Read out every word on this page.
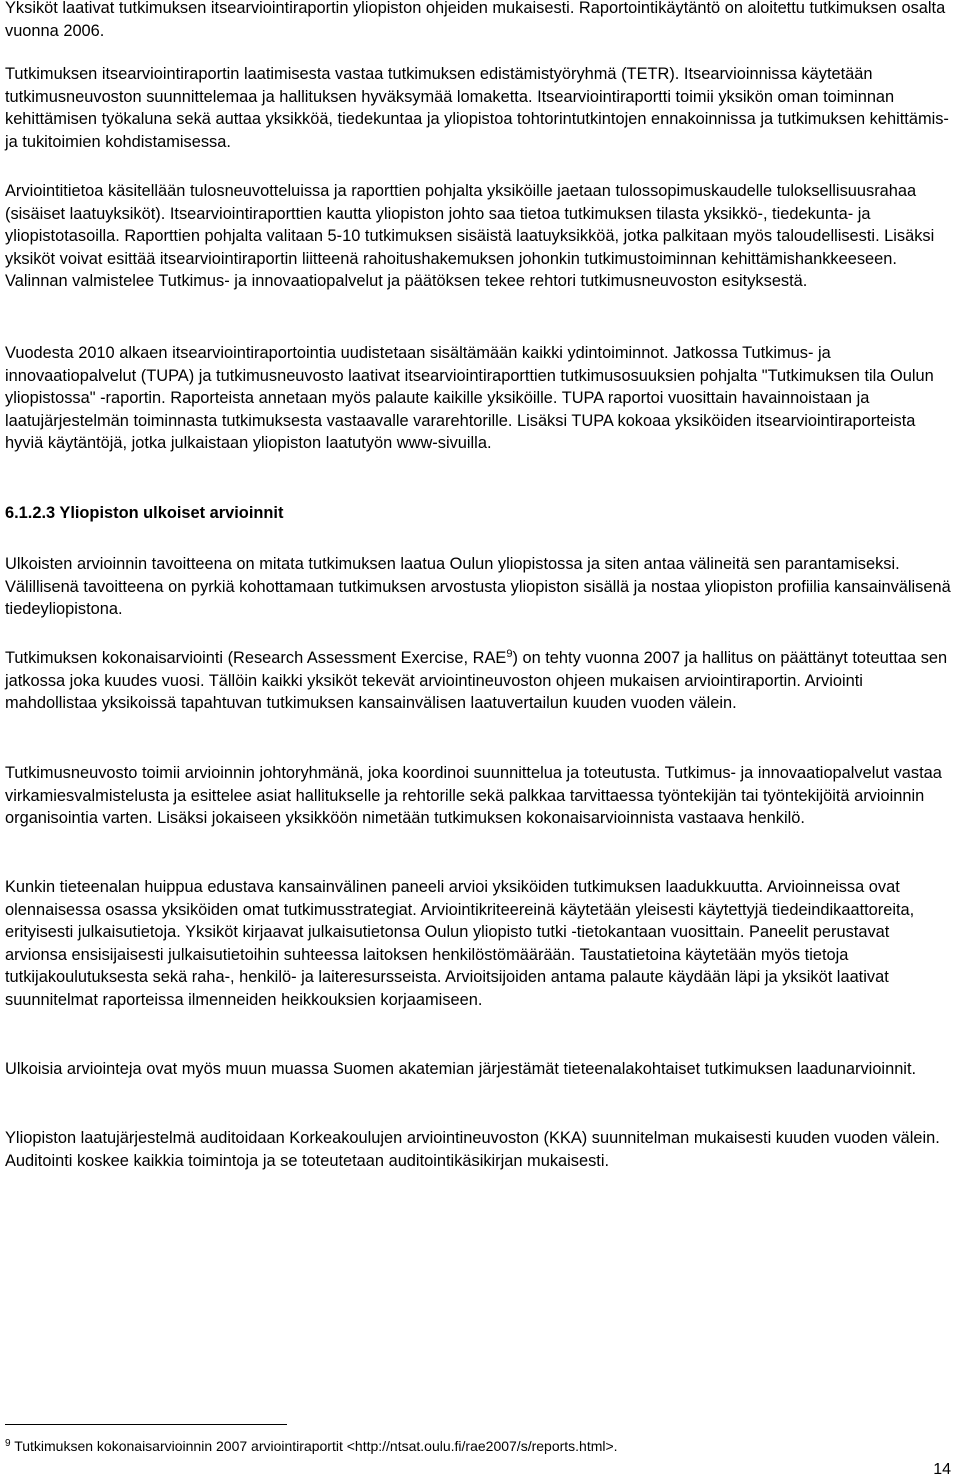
Yksiköt laativat tutkimuksen itsearviointiraportin yliopiston ohjeiden mukaisesti. Raportointikäytäntö on aloitettu tutkimuksen osalta vuonna 2006.

Tutkimuksen itsearviointiraportin laatimisesta vastaa tutkimuksen edistämistyöryhmä (TETR). Itsearvioinnissa käytetään tutkimusneuvoston suunnittelemaa ja hallituksen hyväksymää lomaketta. Itsearviointiraportti toimii yksikön oman toiminnan kehittämisen työkaluna sekä auttaa yksikköä, tiedekuntaa ja yliopistoa tohtorintutkintojen ennakoinnissa ja tutkimuksen kehittämis- ja tukitoimien kohdistamisessa.

Arviointitietoa käsitellään tulosneuvotteluissa ja raporttien pohjalta yksiköille jaetaan tulossopimuskaudelle tuloksellisuusrahaa (sisäiset laatuyksiköt). Itsearviointiraporttien kautta yliopiston johto saa tietoa tutkimuksen tilasta yksikkö-, tiedekunta- ja yliopistotasoilla. Raporttien pohjalta valitaan 5-10 tutkimuksen sisäistä laatuyksikköä, jotka palkitaan myös taloudellisesti. Lisäksi yksiköt voivat esittää itsearviointiraportin liitteenä rahoitushakemuksen johonkin tutkimustoiminnan kehittämishankkeeseen. Valinnan valmistelee Tutkimus- ja innovaatiopalvelut ja päätöksen tekee rehtori tutkimusneuvoston esityksestä.

Vuodesta 2010 alkaen itsearviointiraportointia uudistetaan sisältämään kaikki ydintoiminnot. Jatkossa Tutkimus- ja innovaatiopalvelut (TUPA) ja tutkimusneuvosto laativat itsearviointiraporttien tutkimusosuuksien pohjalta "Tutkimuksen tila Oulun yliopistossa" -raportin. Raporteista annetaan myös palaute kaikille yksiköille. TUPA raportoi vuosittain havainnoistaan ja laatujärjestelmän toiminnasta tutkimuksesta vastaavalle vararehtorille. Lisäksi TUPA kokoaa yksiköiden itsearviointiraporteista hyviä käytäntöjä, jotka julkaistaan yliopiston laatutyön www-sivuilla.

6.1.2.3 Yliopiston ulkoiset arvioinnit

Ulkoisten arvioinnin tavoitteena on mitata tutkimuksen laatua Oulun yliopistossa ja siten antaa välineitä sen parantamiseksi. Välillisenä tavoitteena on pyrkiä kohottamaan tutkimuksen arvostusta yliopiston sisällä ja nostaa yliopiston profiilia kansainvälisenä tiedeyliopistona.

Tutkimuksen kokonaisarviointi (Research Assessment Exercise, RAE$^9$) on tehty vuonna 2007 ja hallitus on päättänyt toteuttaa sen jatkossa joka kuudes vuosi. Tällöin kaikki yksiköt tekevät arviointineuvoston ohjeen mukaisen arviointiraportin. Arviointi mahdollistaa yksikoissä tapahtuvan tutkimuksen kansainvälisen laatuvertailun kuuden vuoden välein.

Tutkimusneuvosto toimii arvioinnin johtoryhmänä, joka koordinoi suunnittelua ja toteutusta. Tutkimus- ja innovaatiopalvelut vastaa virkamiesvalmistelusta ja esittelee asiat hallitukselle ja rehtorille sekä palkkaa tarvittaessa työntekijän tai työntekijöitä arvioinnin organisointia varten. Lisäksi jokaiseen yksikköön nimetään tutkimuksen kokonaisarvioinnista vastaava henkilö.

Kunkin tieteenalan huippua edustava kansainvälinen paneeli arvioi yksiköiden tutkimuksen laadukkuutta. Arvioinneissa ovat olennaisessa osassa yksiköiden omat tutkimusstrategiat. Arviointikriteereinä käytetään yleisesti käytettyjä tiedeindikaattoreita, erityisesti julkaisutietoja. Yksiköt kirjaavat julkaisutietonsa Oulun yliopisto tutki -tietokantaan vuosittain. Paneelit perustavat arvionsa ensisijaisesti julkaisutietoihin suhteessa laitoksen henkilöstömäärään. Taustatietoina käytetään myös tietoja tutkijakoulutuksesta sekä raha-, henkilö- ja laiteresursseista. Arvioitsijoiden antama palaute käydään läpi ja yksiköt laativat suunnitelmat raporteissa ilmenneiden heikkouksien korjaamiseen.

Ulkoisia arviointeja ovat myös muun muassa Suomen akatemian järjestämät tieteenalakohtaiset tutkimuksen laadunarvioinnit.

Yliopiston laatujärjestelmä auditoidaan Korkeakoulujen arviointineuvoston (KKA) suunnitelman mukaisesti kuuden vuoden välein. Auditointi koskee kaikkia toimintoja ja se toteutetaan auditointikäsikirjan mukaisesti.

$^9$ Tutkimuksen kokonaisarvioinnin 2007 arviointiraportit <http://ntsat.oulu.fi/rae2007/s/reports.html>.
14
